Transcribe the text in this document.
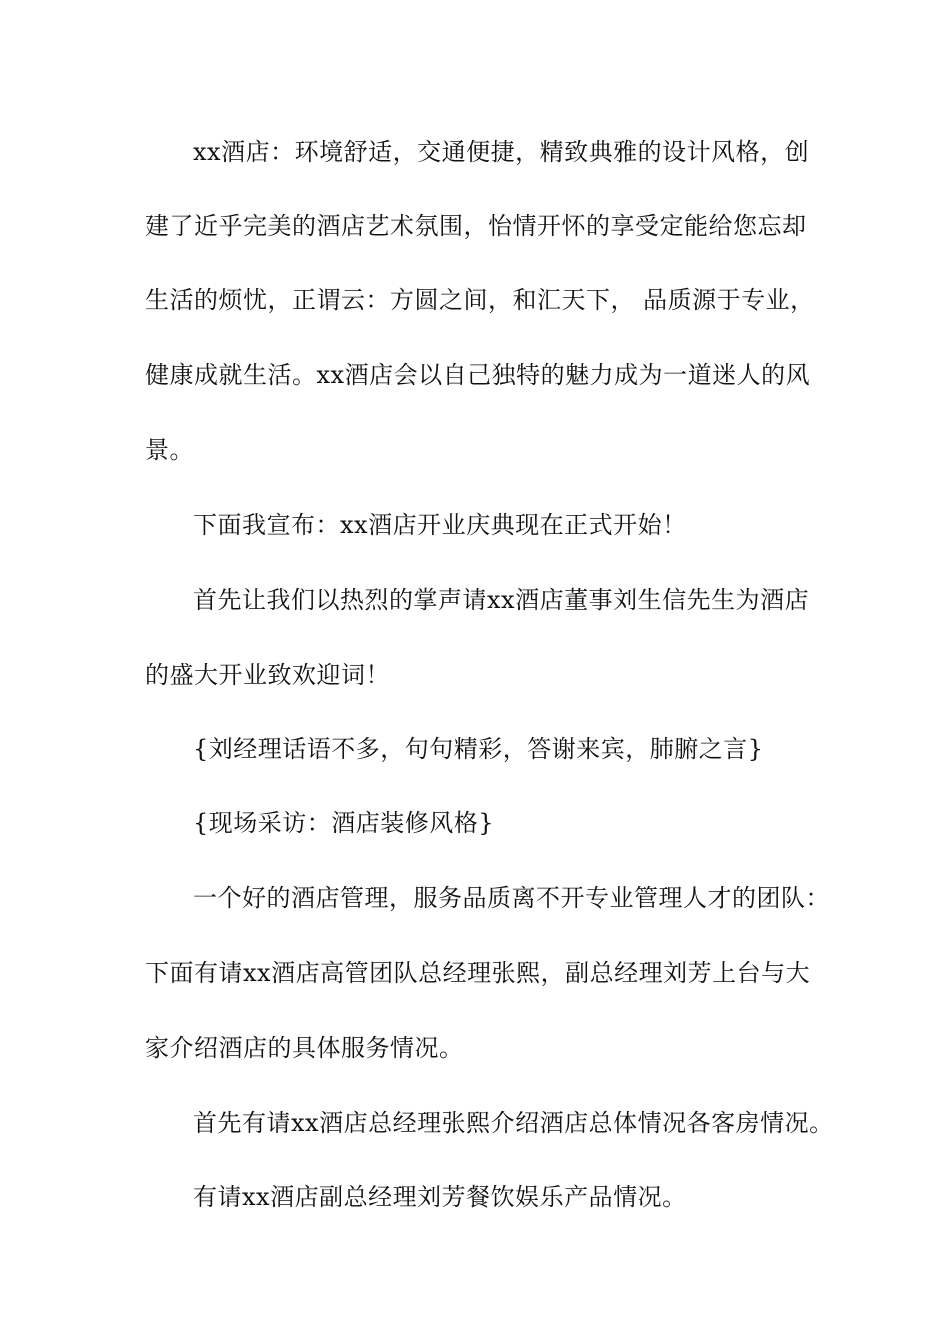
xx酒店：环境舒适，交通便捷，精致典雅的设计风格，创
建了近乎完美的酒店艺术氛围，怡情开怀的享受定能给您忘却
生活的烦忧，正谓云：方圆之间，和汇天下， 品质源于专业，
健康成就生活。xx酒店会以自己独特的魅力成为一道迷人的风
景。
下面我宣布：xx酒店开业庆典现在正式开始！
首先让我们以热烈的掌声请xx酒店董事刘生信先生为酒店
的盛大开业致欢迎词！
{刘经理话语不多，句句精彩，答谢来宾，肺腑之言}
{现场采访：酒店装修风格}
一个好的酒店管理，服务品质离不开专业管理人才的团队：
下面有请xx酒店高管团队总经理张熙，副总经理刘芳上台与大
家介绍酒店的具体服务情况。
首先有请xx酒店总经理张熙介绍酒店总体情况各客房情况。
有请xx酒店副总经理刘芳餐饮娱乐产品情况。
